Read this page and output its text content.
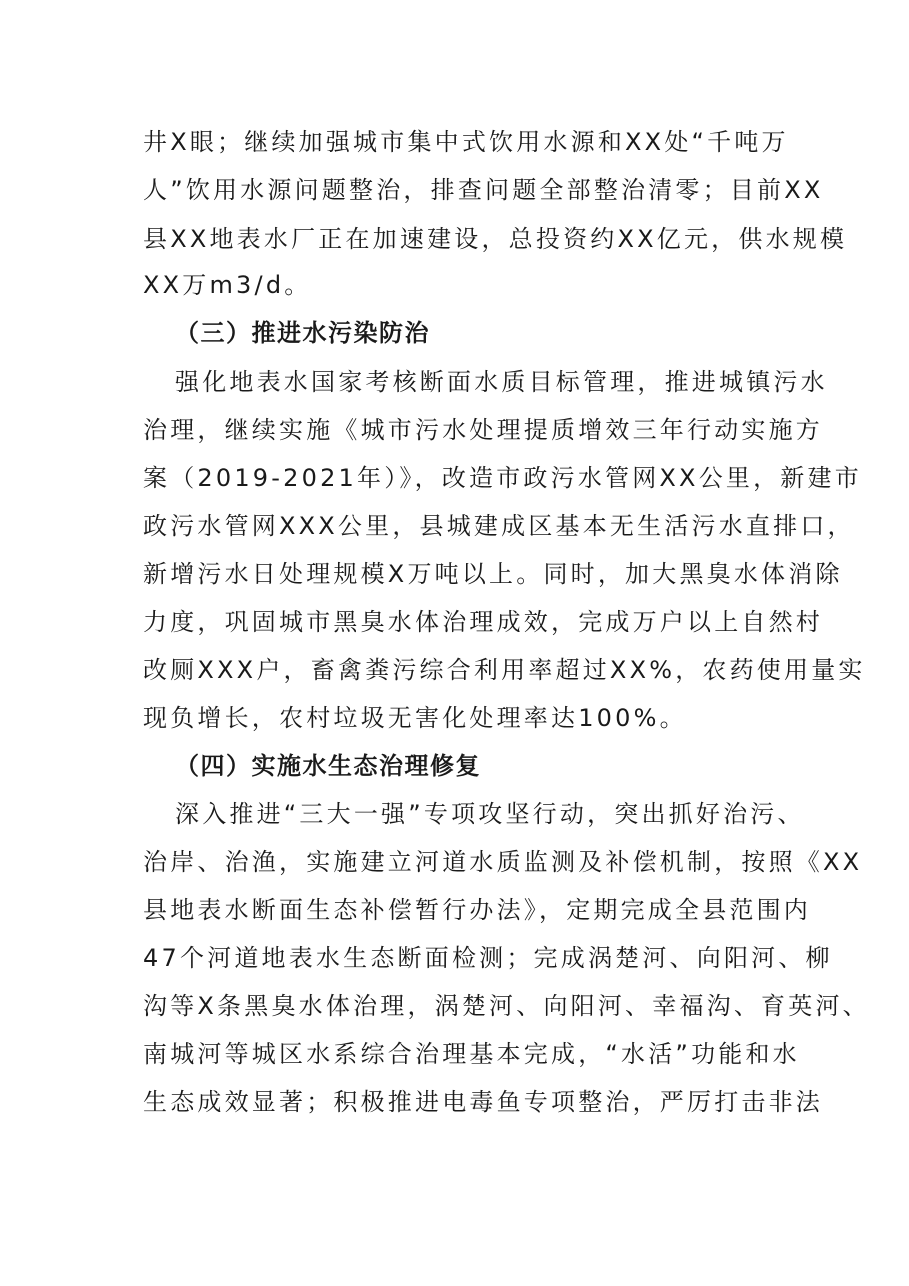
井X眼；继续加强城市集中式饮用水源和XX处“千吨万
人”饮用水源问题整治，排查问题全部整治清零；目前XX
县XX地表水厂正在加速建设，总投资约XX亿元，供水规模
XX万m3/d。
（三）推进水污染防治
强化地表水国家考核断面水质目标管理，推进城镇污水
治理，继续实施《城市污水处理提质增效三年行动实施方
案（2019-2021年）》，改造市政污水管网XX公里，新建市
政污水管网XXX公里，县城建成区基本无生活污水直排口，
新增污水日处理规模X万吨以上。同时，加大黑臭水体消除
力度，巩固城市黑臭水体治理成效，完成万户以上自然村
改厕XXX户，畜禽粪污综合利用率超过XX%，农药使用量实
现负增长，农村垃圾无害化处理率达100%。
（四）实施水生态治理修复
深入推进“三大一强”专项攻坚行动，突出抓好治污、
治岸、治渔，实施建立河道水质监测及补偿机制，按照《XX
县地表水断面生态补偿暂行办法》，定期完成全县范围内
47个河道地表水生态断面检测；完成涡楚河、向阳河、柳
沟等X条黑臭水体治理，涡楚河、向阳河、幸福沟、育英河、
南城河等城区水系综合治理基本完成，“水活”功能和水
生态成效显著；积极推进电毒鱼专项整治，严厉打击非法
